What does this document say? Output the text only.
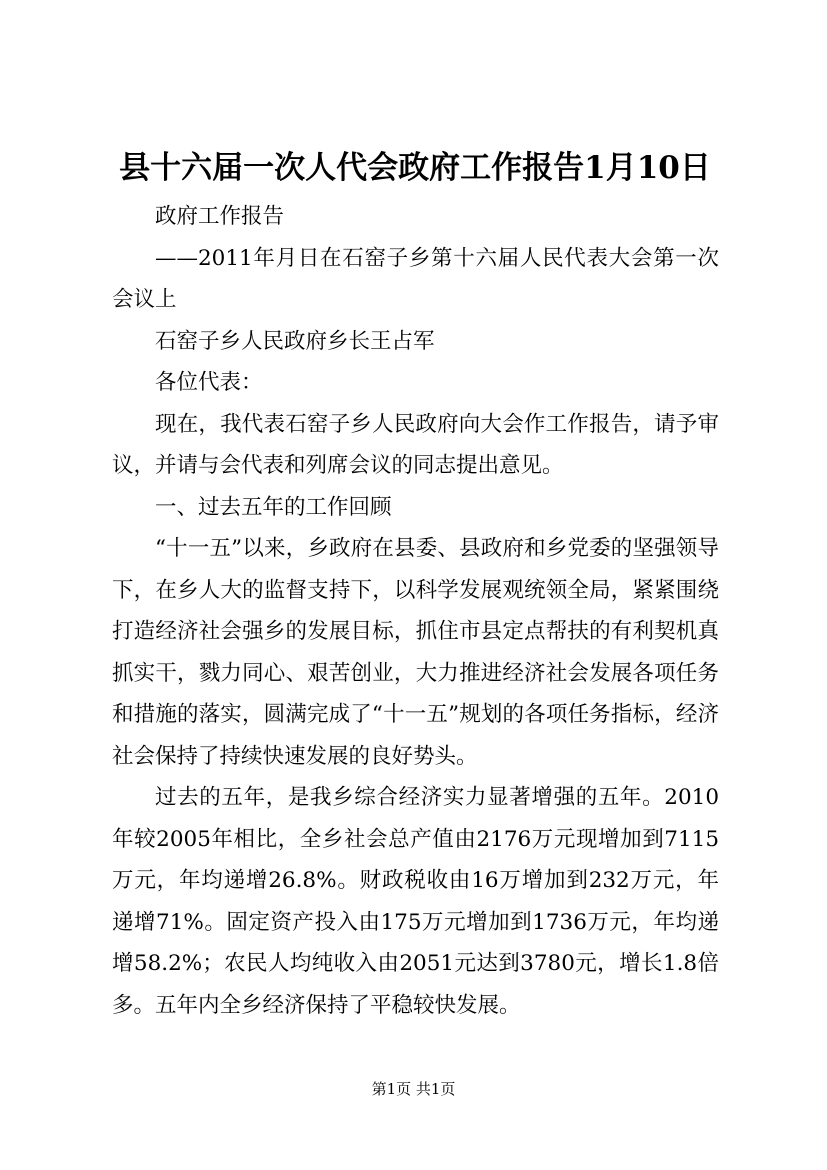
县十六届一次人代会政府工作报告1月10日

政府工作报告

——2011年月日在石窑子乡第十六届人民代表大会第一次会议上

石窑子乡人民政府乡长王占军

各位代表：

现在，我代表石窑子乡人民政府向大会作工作报告，请予审议，并请与会代表和列席会议的同志提出意见。

一、过去五年的工作回顾

“十一五”以来，乡政府在县委、县政府和乡党委的坚强领导下，在乡人大的监督支持下，以科学发展观统领全局，紧紧围绕打造经济社会强乡的发展目标，抓住市县定点帮扶的有利契机真抓实干，戮力同心、艰苦创业，大力推进经济社会发展各项任务和措施的落实，圆满完成了“十一五”规划的各项任务指标，经济社会保持了持续快速发展的良好势头。

过去的五年，是我乡综合经济实力显著增强的五年。2010年较2005年相比，全乡社会总产值由2176万元现增加到7115万元，年均递增26.8%。财政税收由16万增加到232万元，年递增71%。固定资产投入由175万元增加到1736万元，年均递增58.2%；农民人均纯收入由2051元达到3780元，增长1.8倍多。五年内全乡经济保持了平稳较快发展。

第1页 共1页
